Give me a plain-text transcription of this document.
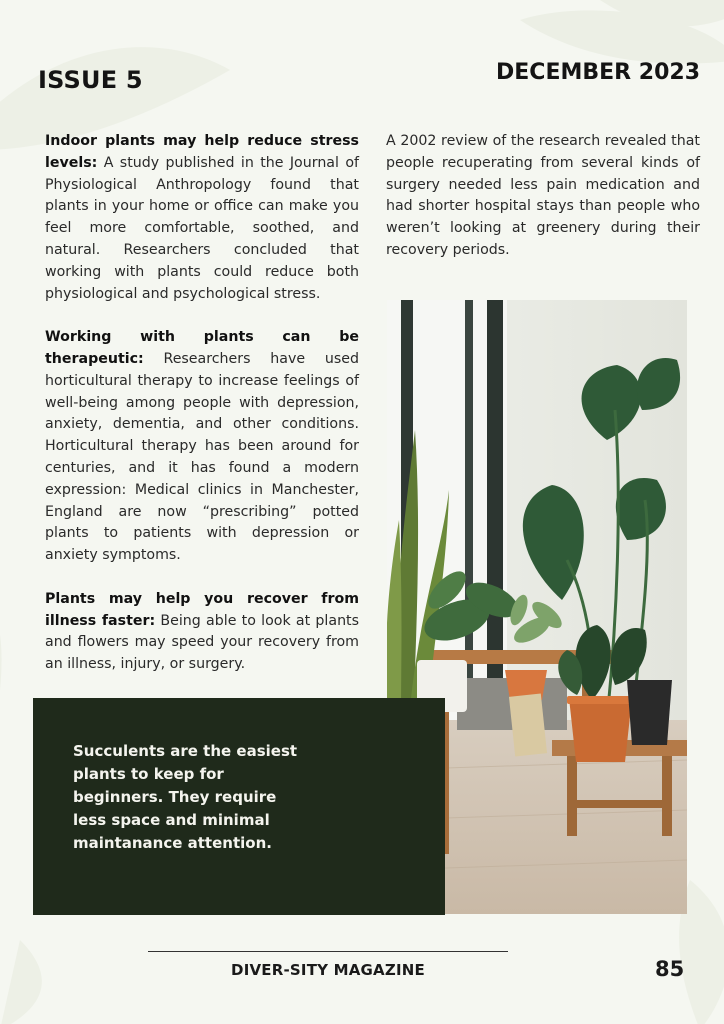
ISSUE 5	DECEMBER 2023

Indoor plants may help reduce stress levels: A study published in the Journal of Physiological Anthropology found that plants in your home or office can make you feel more comfortable, soothed, and natural. Researchers concluded that working with plants could reduce both physiological and psychological stress.

Working with plants can be therapeutic: Researchers have used horticultural therapy to increase feelings of well-being among people with depression, anxiety, dementia, and other conditions. Horticultural therapy has been around for centuries, and it has found a modern expression: Medical clinics in Manchester, England are now “prescribing” potted plants to patients with depression or anxiety symptoms.

Plants may help you recover from illness faster: Being able to look at plants and flowers may speed your recovery from an illness, injury, or surgery.

A 2002 review of the research revealed that people recuperating from several kinds of surgery needed less pain medication and had shorter hospital stays than people who weren’t looking at greenery during their recovery periods.

Succulents are the easiest plants to keep for beginners. They require less space and minimal maintanance attention.
DIVER-SITY MAGAZINE	85
